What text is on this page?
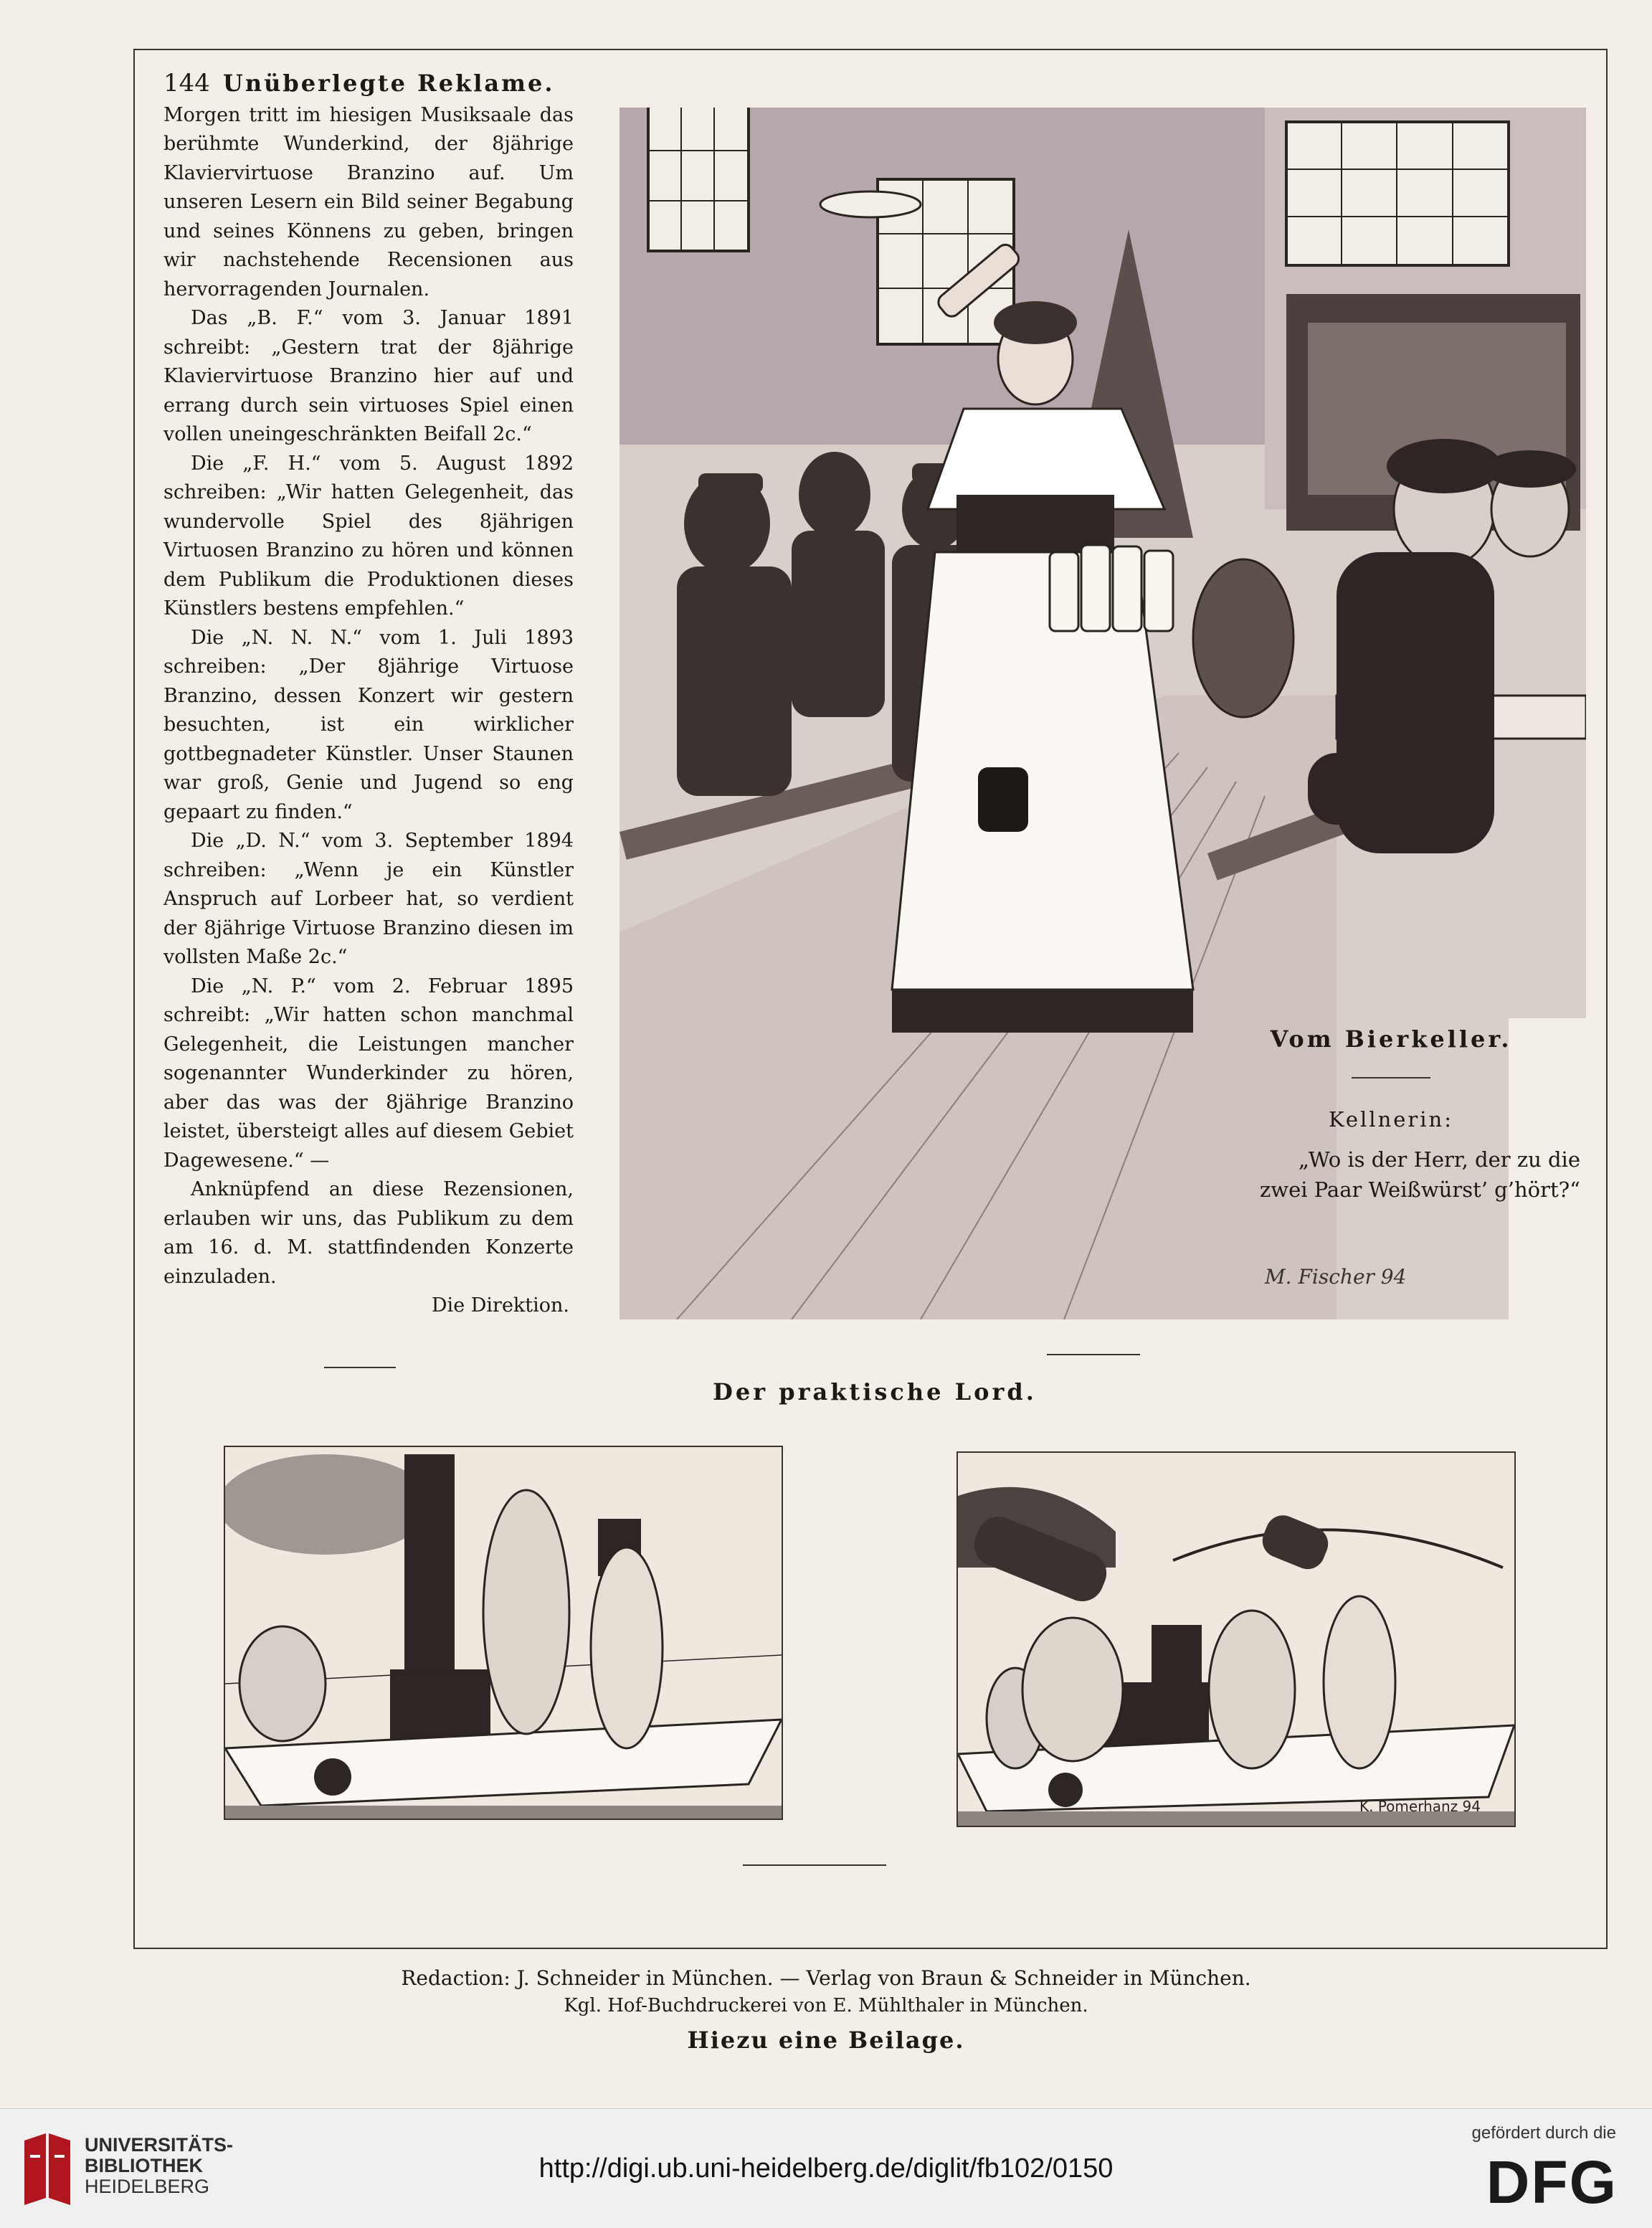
144 Unüberlegte Reklame.

Morgen tritt im hiesigen Musiksaale das berühmte Wunderkind, der 8jährige Klaviervirtuose Branzino auf. Um unseren Lesern ein Bild seiner Begabung und seines Könnens zu geben, bringen wir nachstehende Recensionen aus hervorragenden Journalen.

Das „B. F.“ vom 3. Januar 1891 schreibt: „Gestern trat der 8jährige Klaviervirtuose Branzino hier auf und errang durch sein virtuoses Spiel einen vollen uneingeschränkten Beifall 2c.“

Die „F. H.“ vom 5. August 1892 schreiben: „Wir hatten Gelegenheit, das wundervolle Spiel des 8jährigen Virtuosen Branzino zu hören und können dem Publikum die Produktionen dieses Künstlers bestens empfehlen.“

Die „N. N. N.“ vom 1. Juli 1893 schreiben: „Der 8jährige Virtuose Branzino, dessen Konzert wir gestern besuchten, ist ein wirklicher gottbegnadeter Künstler. Unser Staunen war groß, Genie und Jugend so eng gepaart zu finden.“

Die „D. N.“ vom 3. September 1894 schreiben: „Wenn je ein Künstler Anspruch auf Lorbeer hat, so verdient der 8jährige Virtuose Branzino diesen im vollsten Maße 2c.“

Die „N. P.“ vom 2. Februar 1895 schreibt: „Wir hatten schon manchmal Gelegenheit, die Leistungen mancher sogenannter Wunderkinder zu hören, aber das was der 8jährige Branzino leistet, übersteigt alles auf diesem Gebiet Dagewesene.“ —

Anknüpfend an diese Rezensionen, erlauben wir uns, das Publikum zu dem am 16. d. M. stattfindenden Konzerte einzuladen.

Die Direktion.
M. Fischer 94
Vom Bierkeller.
Kellnerin:
„Wo is der Herr, der zu die
zwei Paar Weißwürst’ g’hört?“
Der praktische Lord.
K. Pomerhanz 94
Redaction: J. Schneider in München. — Verlag von Braun & Schneider in München.
Kgl. Hof-Buchdruckerei von E. Mühlthaler in München.
Hiezu eine Beilage.
UNIVERSITÄTS-
BIBLIOTHEK
HEIDELBERG
http://digi.ub.uni-heidelberg.de/diglit/fb102/0150
gefördert durch die
DFG
